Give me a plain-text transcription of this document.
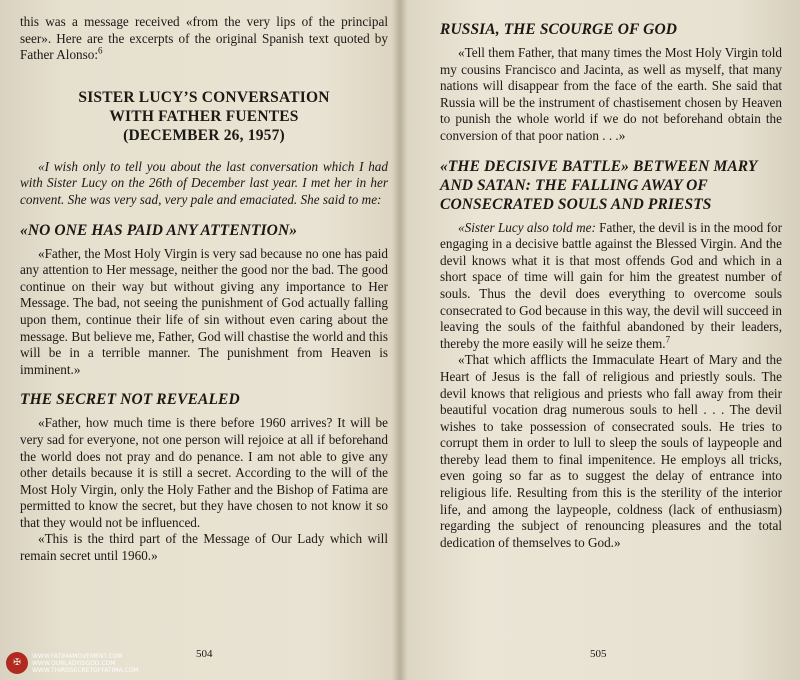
this was a message received «from the very lips of the principal seer». Here are the excerpts of the original Spanish text quoted by Father Alonso:$^6$

SISTER LUCY’S CONVERSATION
WITH FATHER FUENTES
(DECEMBER 26, 1957)

«I wish only to tell you about the last conversation which I had with Sister Lucy on the 26th of December last year. I met her in her convent. She was very sad, very pale and emaciated. She said to me:

«NO ONE HAS PAID ANY ATTENTION»

«Father, the Most Holy Virgin is very sad because no one has paid any attention to Her message, neither the good nor the bad. The good continue on their way but without giving any importance to Her Message. The bad, not seeing the punishment of God actually falling upon them, continue their life of sin without even caring about the message. But believe me, Father, God will chastise the world and this will be in a terrible manner. The punishment from Heaven is imminent.»

THE SECRET NOT REVEALED

«Father, how much time is there before 1960 arrives? It will be very sad for everyone, not one person will rejoice at all if beforehand the world does not pray and do penance. I am not able to give any other details because it is still a secret. According to the will of the Most Holy Virgin, only the Holy Father and the Bishop of Fatima are permitted to know the secret, but they have chosen to not know it so that they would not be influenced.

«This is the third part of the Message of Our Lady which will remain secret until 1960.»

504
RUSSIA, THE SCOURGE OF GOD

«Tell them Father, that many times the Most Holy Virgin told my cousins Francisco and Jacinta, as well as myself, that many nations will disappear from the face of the earth. She said that Russia will be the instrument of chastisement chosen by Heaven to punish the whole world if we do not beforehand obtain the conversion of that poor nation . . .»

«THE DECISIVE BATTLE» BETWEEN MARY
AND SATAN: THE FALLING AWAY OF
CONSECRATED SOULS AND PRIESTS

«Sister Lucy also told me: Father, the devil is in the mood for engaging in a decisive battle against the Blessed Virgin. And the devil knows what it is that most offends God and which in a short space of time will gain for him the greatest number of souls. Thus the devil does everything to overcome souls consecrated to God because in this way, the devil will succeed in leaving the souls of the faithful abandoned by their leaders, thereby the more easily will he seize them.$^7$

«That which afflicts the Immaculate Heart of Mary and the Heart of Jesus is the fall of religious and priestly souls. The devil knows that religious and priests who fall away from their beautiful vocation drag numerous souls to hell . . . The devil wishes to take possession of consecrated souls. He tries to corrupt them in order to lull to sleep the souls of laypeople and thereby lead them to final impenitence. He employs all tricks, even going so far as to suggest the delay of entrance into religious life. Resulting from this is the sterility of the interior life, and among the laypeople, coldness (lack of enthusiasm) regarding the subject of renouncing pleasures and the total dedication of themselves to God.»

505
✠
WWW.FATIMAMOVEMENT.COM
WWW.OURLADYISGOD.COM
WWW.THIRDSECRETOFFATIMA.COM
